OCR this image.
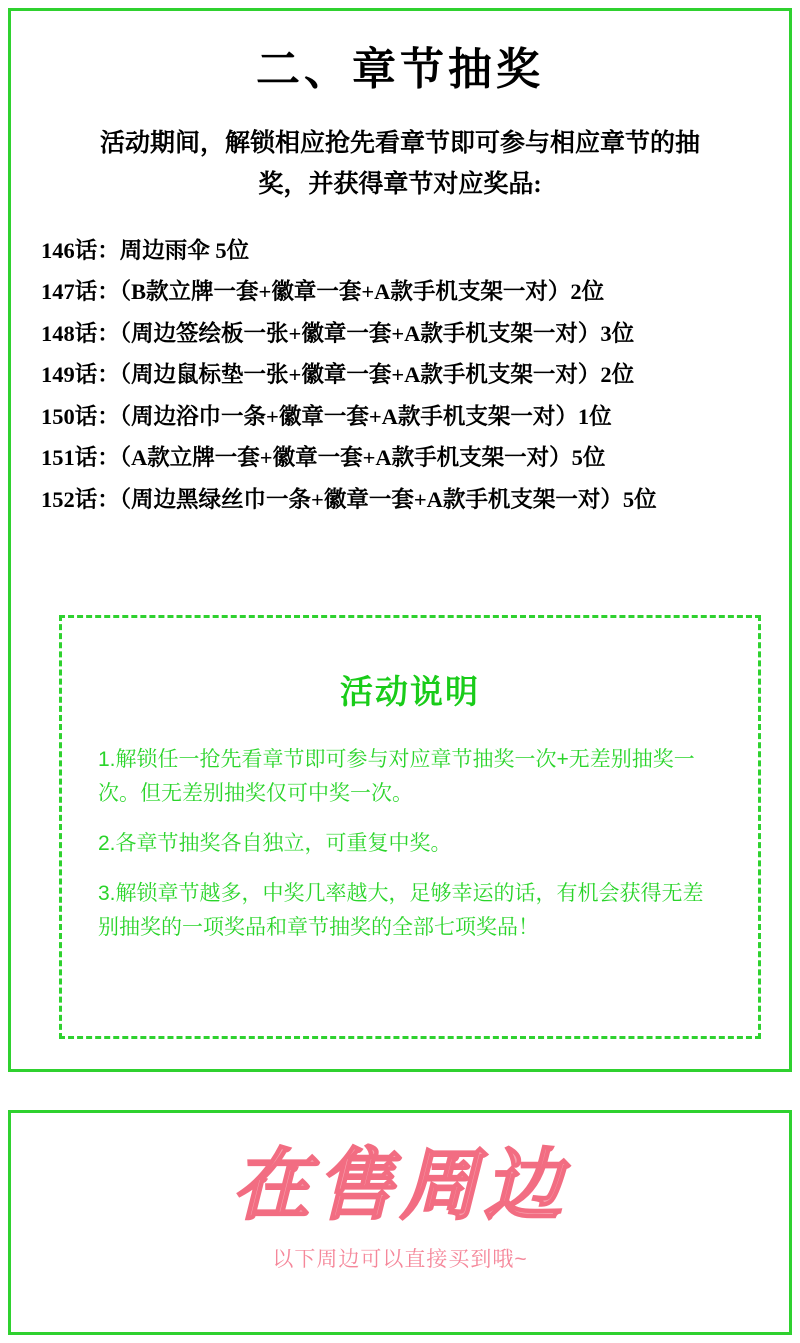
二、章节抽奖
活动期间，解锁相应抢先看章节即可参与相应章节的抽奖，并获得章节对应奖品:
146话：周边雨伞 5位
147话：（B款立牌一套+徽章一套+A款手机支架一对）2位
148话：（周边签绘板一张+徽章一套+A款手机支架一对）3位
149话：（周边鼠标垫一张+徽章一套+A款手机支架一对）2位
150话：（周边浴巾一条+徽章一套+A款手机支架一对）1位
151话：（A款立牌一套+徽章一套+A款手机支架一对）5位
152话：（周边黑绿丝巾一条+徽章一套+A款手机支架一对）5位
活动说明
1.解锁任一抢先看章节即可参与对应章节抽奖一次+无差别抽奖一次。但无差别抽奖仅可中奖一次。
2.各章节抽奖各自独立，可重复中奖。
3.解锁章节越多，中奖几率越大，足够幸运的话，有机会获得无差别抽奖的一项奖品和章节抽奖的全部七项奖品！
在售周边
以下周边可以直接买到哦~
